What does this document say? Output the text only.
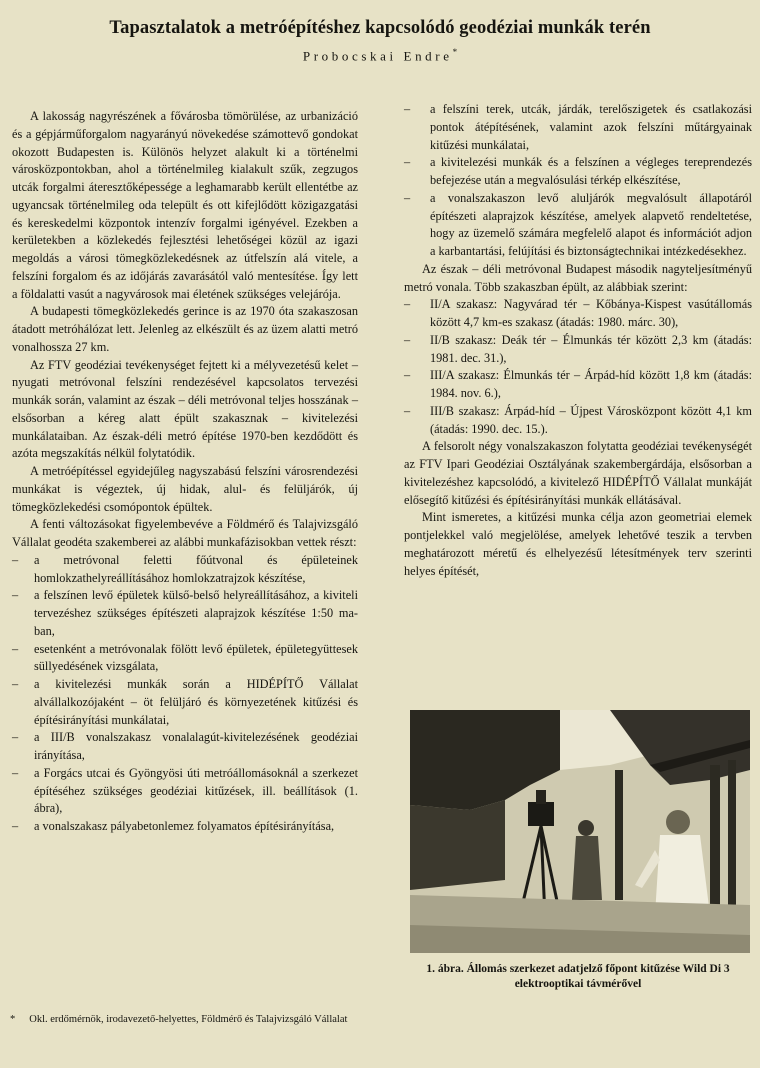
Tapasztalatok a metróépítéshez kapcsolódó geodéziai munkák terén
Probocskai Endre*

A lakosság nagyrészének a fővárosba tömörülése, az urbanizáció és a gépjárműforgalom nagyarányú növekedése számottevő gondokat okozott Budapesten is. Különös helyzet alakult ki a történelmi városközpontokban, ahol a történelmileg kialakult szűk, zegzugos utcák forgalmi áteresztőképessége a leghamarabb került ellentétbe az ugyancsak történelmileg oda települt és ott kifejlődött közigazgatási és kereskedelmi központok intenzív forgalmi igényével. Ezekben a kerületekben a közlekedés fejlesztési lehetőségei közül az igazi megoldás a városi tömegközlekedésnek az útfelszín alá vitele, a felszíni forgalom és az időjárás zavarásától való mentesítése. Így lett a földalatti vasút a nagyvárosok mai életének szükséges velejárója.

A budapesti tömegközlekedés gerince is az 1970 óta szakaszosan átadott metróhálózat lett. Jelenleg az elkészült és az üzem alatti metró vonalhossza 27 km.

Az FTV geodéziai tevékenységet fejtett ki a mélyvezetésű kelet – nyugati metróvonal felszíni rendezésével kapcsolatos tervezési munkák során, valamint az észak – déli metróvonal teljes hosszának – elsősorban a kéreg alatt épült szakasznak – kivitelezési munkálataiban. Az észak-déli metró építése 1970-ben kezdődött és azóta megszakítás nélkül folytatódik.

A metróépítéssel egyidejűleg nagyszabású felszíni városrendezési munkákat is végeztek, új hidak, alul- és felüljárók, új tömegközlekedési csomópontok épültek.

A fenti változásokat figyelembevéve a Földmérő és Talajvizsgáló Vállalat geodéta szakemberei az alábbi munkafázisokban vettek részt:

– a metróvonal feletti főútvonal és épületeinek homlokzathelyreállításához homlokzatrajzok készítése,
– a felszínen levő épületek külső-belső helyreállításához, a kiviteli tervezéshez szükséges építészeti alaprajzok készítése 1:50 ma-ban,
– esetenként a metróvonalak fölött levő épületek, épületegyüttesek süllyedésének vizsgálata,
– a kivitelezési munkák során a HIDÉPÍTŐ Vállalat alvállalkozójaként – öt felüljáró és környezetének kitűzési és építésirányítási munkálatai,
– a III/B vonalszakasz vonalalagút-kivitelezésének geodéziai irányítása,
– a Forgács utcai és Gyöngyösi úti metróállomásoknál a szerkezet építéséhez szükséges geodéziai kitűzések, ill. beállítások (1. ábra),
– a vonalszakasz pályabetonlemez folyamatos építésirányítása,
– a felszíni terek, utcák, járdák, terelőszigetek és csatlakozási pontok átépítésének, valamint azok felszíni műtárgyainak kitűzési munkálatai,
– a kivitelezési munkák és a felszínen a végleges tereprendezés befejezése után a megvalósulási térkép elkészítése,
– a vonalszakaszon levő aluljárók megvalósult állapotáról építészeti alaprajzok készítése, amelyek alapvető rendeltetése, hogy az üzemelő számára megfelelő alapot és információt adjon a karbantartási, felújítási és biztonságtechnikai intézkedésekhez.

Az észak – déli metróvonal Budapest második nagyteljesítményű metró vonala. Több szakaszban épült, az alábbiak szerint:

– II/A szakasz: Nagyvárad tér – Kőbánya-Kispest vasútállomás között 4,7 km-es szakasz (átadás: 1980. márc. 30),
– II/B szakasz: Deák tér – Élmunkás tér között 2,3 km (átadás: 1981. dec. 31.),
– III/A szakasz: Élmunkás tér – Árpád-híd között 1,8 km (átadás: 1984. nov. 6.),
– III/B szakasz: Árpád-híd – Újpest Városközpont között 4,1 km (átadás: 1990. dec. 15.).

A felsorolt négy vonalszakaszon folytatta geodéziai tevékenységét az FTV Ipari Geodéziai Osztályának szakembergárdája, elsősorban a kivitelezéshez kapcsolódó, a kivitelező HIDÉPÍTŐ Vállalat munkáját elősegítő kitűzési és építésirányítási munkák ellátásával.

Mint ismeretes, a kitűzési munka célja azon geometriai elemek pontjelekkel való megjelölése, amelyek lehetővé teszik a tervben meghatározott méretű és elhelyezésű létesítmények terv szerinti helyes építését,

1. ábra. Állomás szerkezet adatjelző főpont kitűzése Wild Di 3 elektrooptikai távmérővel
* Okl. erdőmérnök, irodavezető-helyettes, Földmérő és Talajvizsgáló Vállalat
